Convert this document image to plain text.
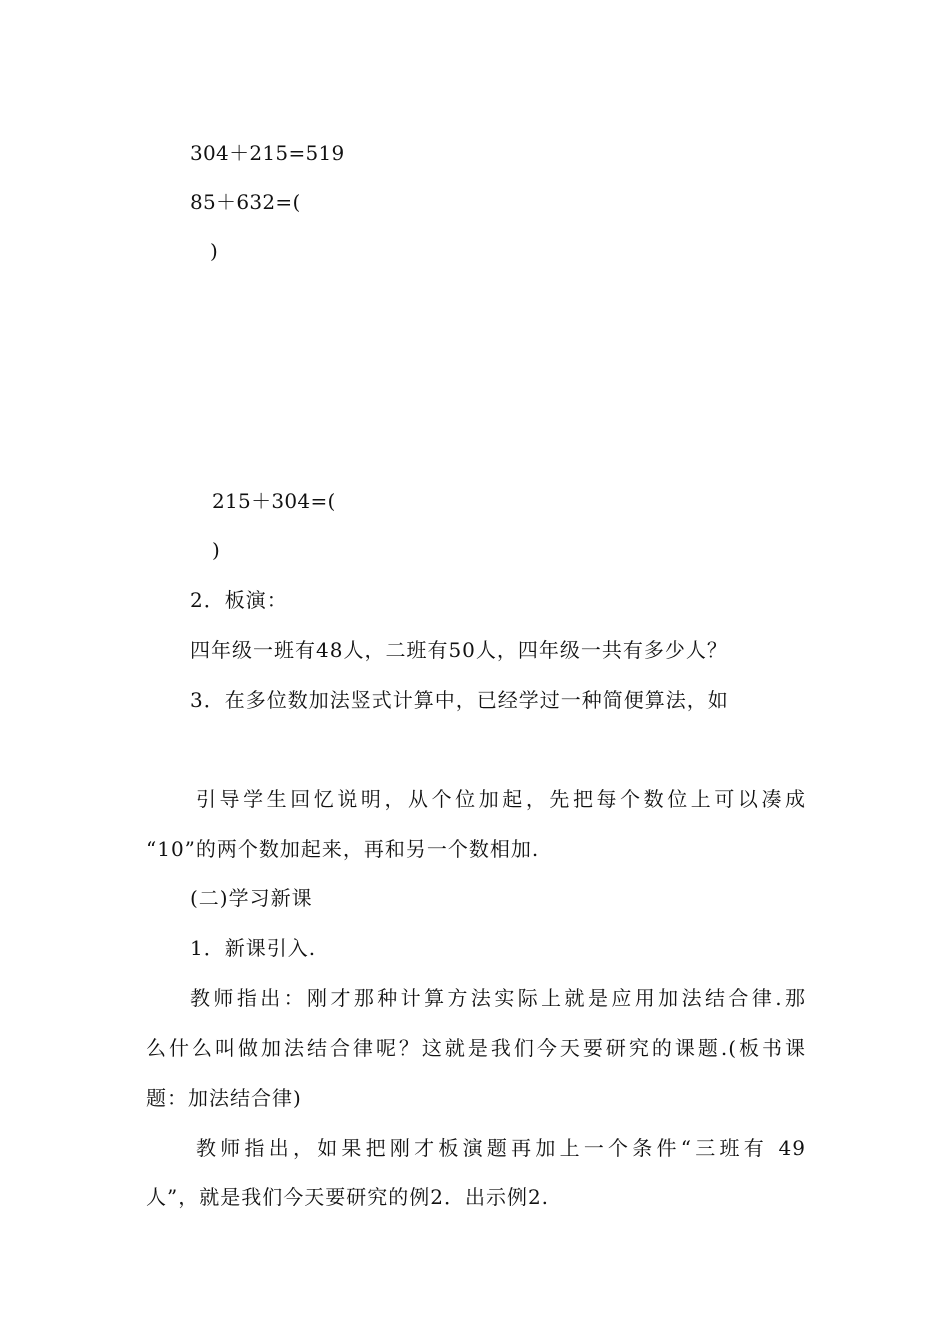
304＋215=519

85＋632=(

)

215＋304=(

)

2．板演：

四年级一班有48人，二班有50人，四年级一共有多少人？

3．在多位数加法竖式计算中，已经学过一种简便算法，如

引导学生回忆说明，从个位加起，先把每个数位上可以凑成

“10”的两个数加起来，再和另一个数相加.

(二)学习新课

1．新课引入.

教师指出：刚才那种计算方法实际上就是应用加法结合律.那

么什么叫做加法结合律呢？这就是我们今天要研究的课题.(板书课

题：加法结合律)

教师指出，如果把刚才板演题再加上一个条件“三班有 49

人”，就是我们今天要研究的例2．出示例2.
